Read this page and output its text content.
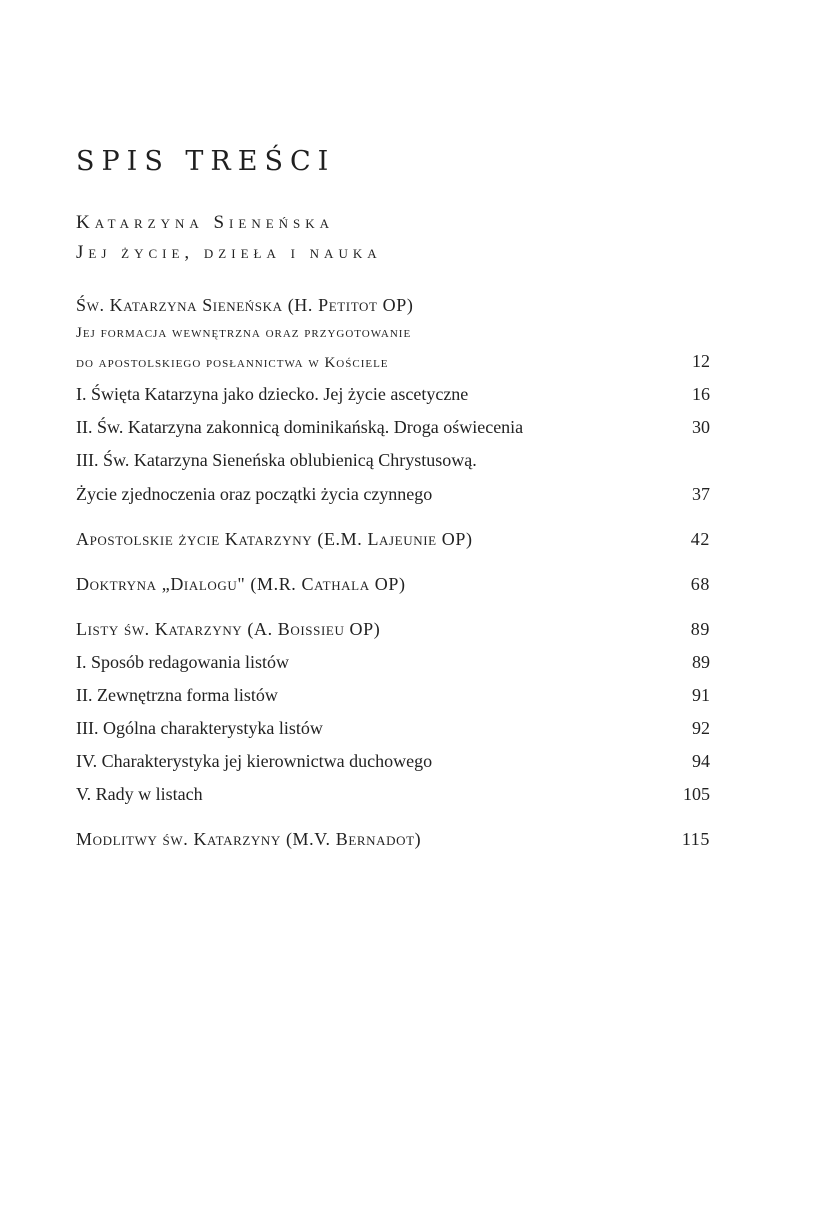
SPIS TREŚCI
Katarzyna Sieneńska
Jej życie, dzieła i nauka
Św. Katarzyna Sieneńska (H. Petitot OP)
Jej formacja wewnętrzna oraz przygotowanie
do apostolskiego posłannictwa w Kościele	12
I. Święta Katarzyna jako dziecko. Jej życie ascetyczne	16
II. Św. Katarzyna zakonnicą dominikańską. Droga oświecenia	30
III. Św. Katarzyna Sieneńska oblubienicą Chrystusową.
Życie zjednoczenia oraz początki życia czynnego	37
Apostolskie życie Katarzyny (E.M. Lajeunie OP)	42
Doktryna „Dialogu" (M.R. Cathala OP)	68
Listy św. Katarzyny (A. Boissieu OP)	89
I. Sposób redagowania listów	89
II. Zewnętrzna forma listów	91
III. Ogólna charakterystyka listów	92
IV. Charakterystyka jej kierownictwa duchowego	94
V. Rady w listach	105
Modlitwy św. Katarzyny (M.V. Bernadot)	115
